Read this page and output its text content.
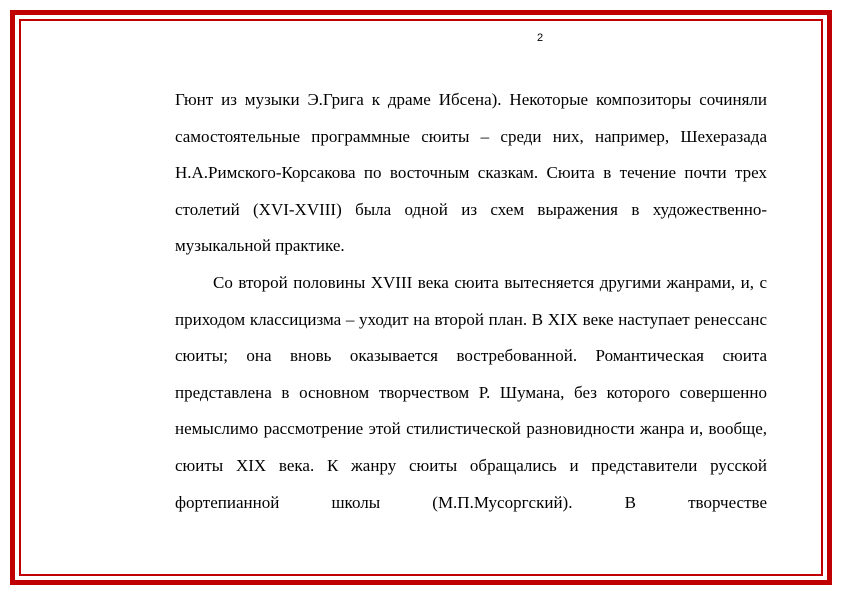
2

Гюнт из музыки Э.Грига к драме Ибсена). Некоторые композиторы сочиняли самостоятельные программные сюиты – среди них, например, Шехеразада Н.А.Римского-Корсакова по восточным сказкам. Сюита в течение почти трех столетий (XVI-XVIII) была одной из схем выражения в художественно-музыкальной практике.

Со второй половины XVIII века сюита вытесняется другими жанрами, и, с приходом классицизма – уходит на второй план. В XIX веке наступает ренессанс сюиты; она вновь оказывается востребованной. Романтическая сюита представлена в основном творчеством Р. Шумана, без которого совершенно немыслимо рассмотрение этой стилистической разновидности жанра и, вообще, сюиты XIX века. К жанру сюиты обращались и представители русской фортепианной школы (М.П.Мусоргский). В творчестве
